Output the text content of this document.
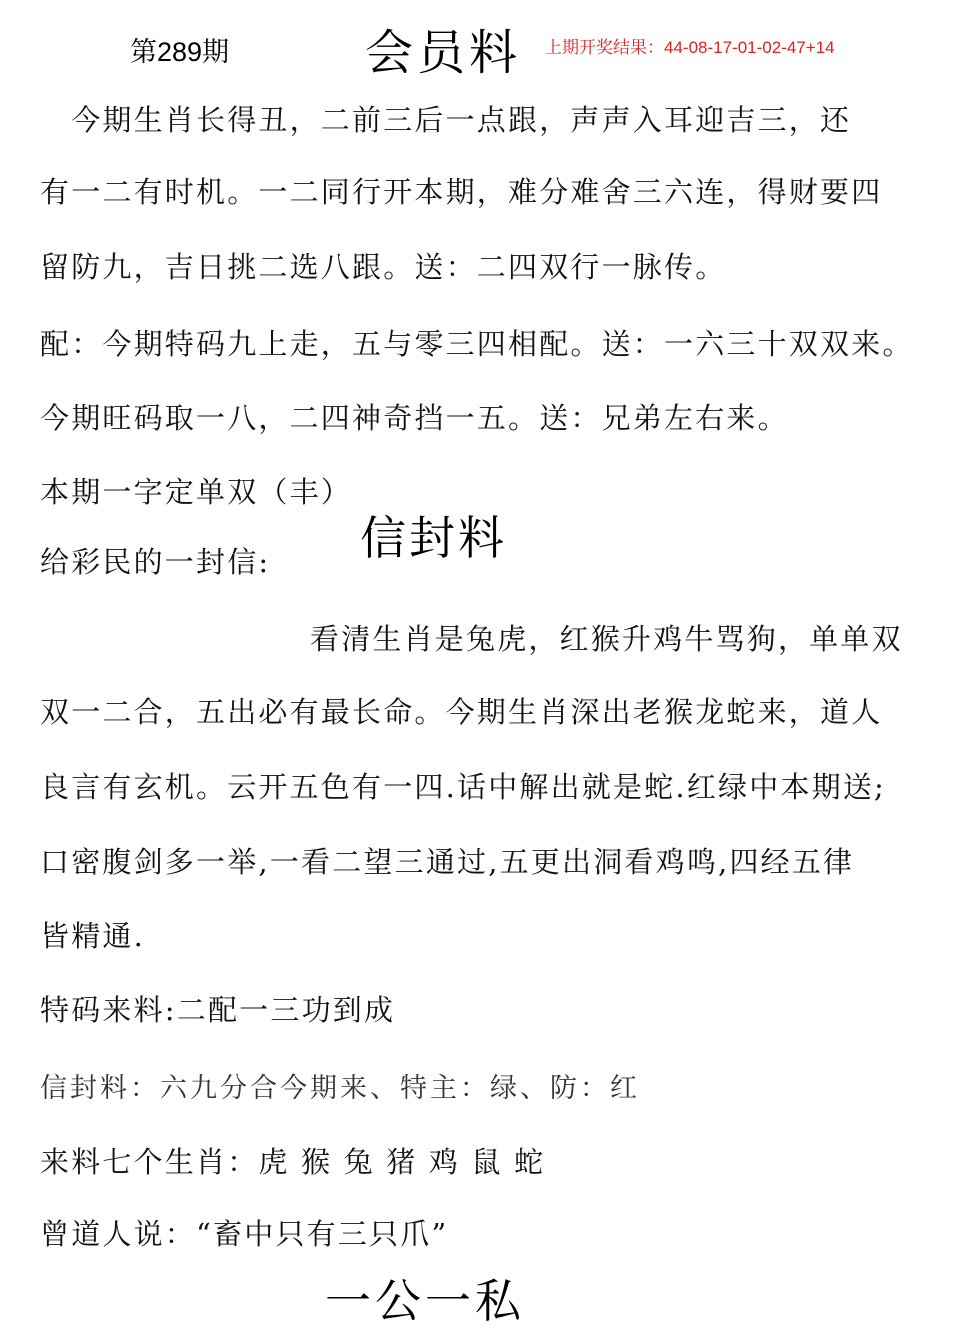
第289期	会员料 上期开奖结果：44-08-17-01-02-47+14
　今期生肖长得丑，二前三后一点跟，声声入耳迎吉三，还
有一二有时机。一二同行开本期，难分难舍三六连，得财要四
留防九，吉日挑二选八跟。送：二四双行一脉传。
配：今期特码九上走，五与零三四相配。送：一六三十双双来。
今期旺码取一八，二四神奇挡一五。送：兄弟左右来。
本期一字定单双（丰）
信封料
给彩民的一封信:
看清生肖是兔虎，红猴升鸡牛骂狗，单单双
双一二合，五出必有最长命。今期生肖深出老猴龙蛇来，道人
良言有玄机。云开五色有一四.话中解出就是蛇.红绿中本期送;
口密腹剑多一举,一看二望三通过,五更出洞看鸡鸣,四经五律
皆精通.
特码来料:二配一三功到成
信封料：六九分合今期来、特主：绿、防：红
来料七个生肖：虎 猴 兔 猪 鸡 鼠 蛇
曾道人说：“畜中只有三只爪”
一公一私
